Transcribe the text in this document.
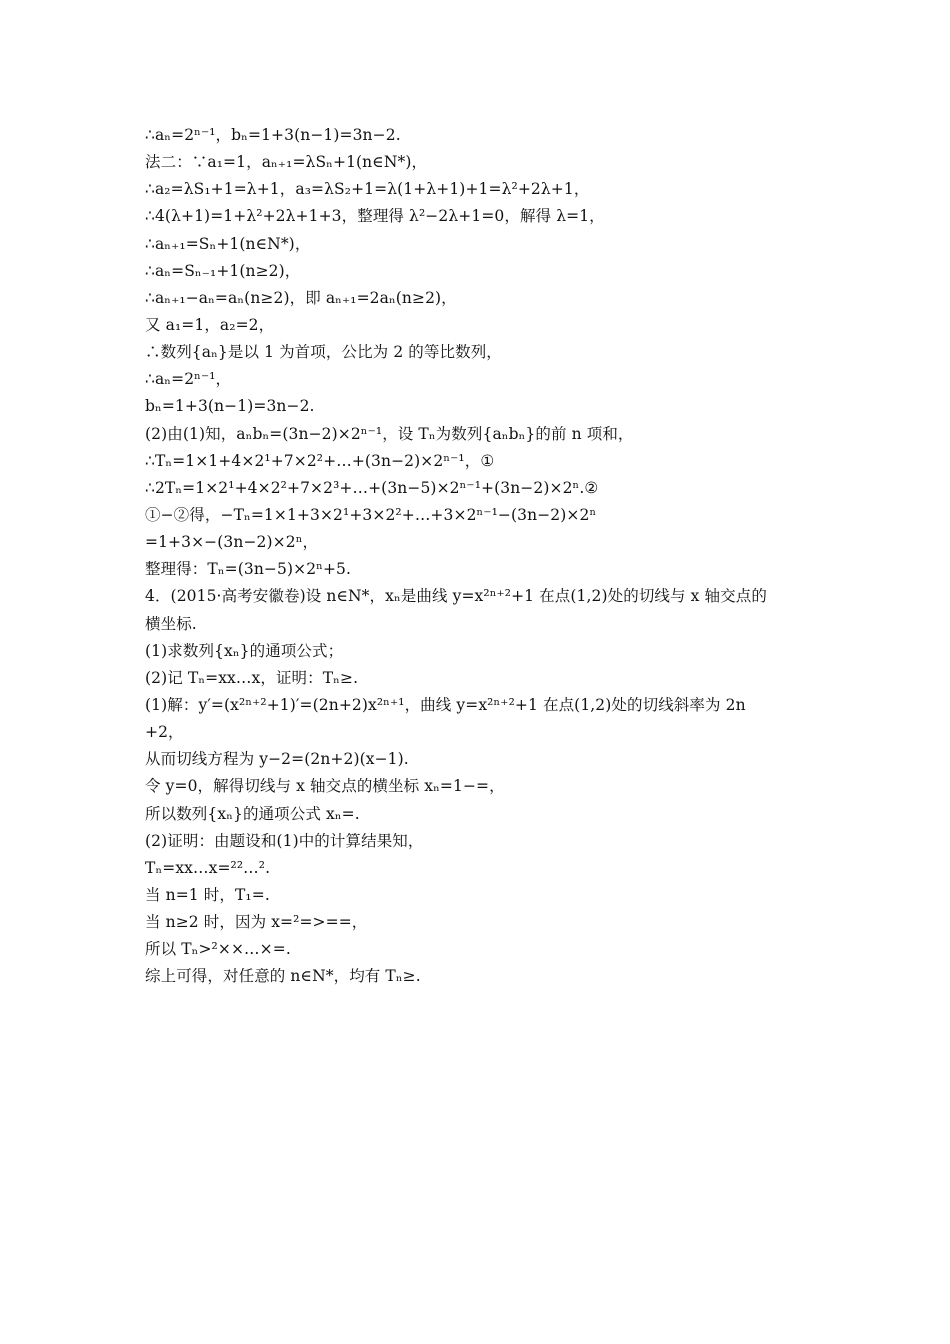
∴aₙ=2ⁿ⁻¹，bₙ=1+3(n−1)=3n−2.
法二：∵a₁=1，aₙ₊₁=λSₙ+1(n∈N*)，
∴a₂=λS₁+1=λ+1，a₃=λS₂+1=λ(1+λ+1)+1=λ²+2λ+1，
∴4(λ+1)=1+λ²+2λ+1+3，整理得 λ²−2λ+1=0，解得 λ=1，
∴aₙ₊₁=Sₙ+1(n∈N*)，
∴aₙ=Sₙ₋₁+1(n≥2)，
∴aₙ₊₁−aₙ=aₙ(n≥2)，即 aₙ₊₁=2aₙ(n≥2)，
又 a₁=1，a₂=2，
∴数列{aₙ}是以 1 为首项，公比为 2 的等比数列，
∴aₙ=2ⁿ⁻¹，
bₙ=1+3(n−1)=3n−2.
(2)由(1)知，aₙbₙ=(3n−2)×2ⁿ⁻¹，设 Tₙ为数列{aₙbₙ}的前 n 项和，
∴Tₙ=1×1+4×2¹+7×2²+…+(3n−2)×2ⁿ⁻¹，①
∴2Tₙ=1×2¹+4×2²+7×2³+…+(3n−5)×2ⁿ⁻¹+(3n−2)×2ⁿ.②
①−②得，−Tₙ=1×1+3×2¹+3×2²+…+3×2ⁿ⁻¹−(3n−2)×2ⁿ
=1+3×−(3n−2)×2ⁿ，
整理得：Tₙ=(3n−5)×2ⁿ+5.
4．(2015·高考安徽卷)设 n∈N*，xₙ是曲线 y=x²ⁿ⁺²+1 在点(1,2)处的切线与 x 轴交点的
横坐标.
(1)求数列{xₙ}的通项公式；
(2)记 Tₙ=xx…x，证明：Tₙ≥.
(1)解：y′=(x²ⁿ⁺²+1)′=(2n+2)x²ⁿ⁺¹，曲线 y=x²ⁿ⁺²+1 在点(1,2)处的切线斜率为 2n
+2，
从而切线方程为 y−2=(2n+2)(x−1).
令 y=0，解得切线与 x 轴交点的横坐标 xₙ=1−=，
所以数列{xₙ}的通项公式 xₙ=.
(2)证明：由题设和(1)中的计算结果知，
Tₙ=xx…x=²²…².
当 n=1 时，T₁=.
当 n≥2 时，因为 x=²=>==，
所以 Tₙ>²××…×=.
综上可得，对任意的 n∈N*，均有 Tₙ≥.
